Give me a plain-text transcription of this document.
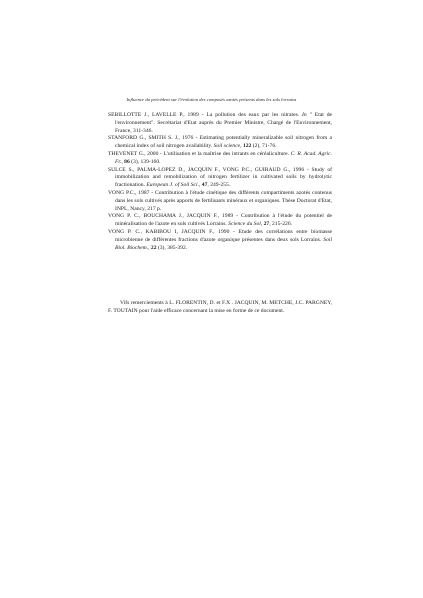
Influence du précédent sur l'évolution des composés azotés présents dans les sols lorrains

SEBILLOTTE J., LAVELLE P., 1989 - La pollution des eaux par les nitrates. In " Etat de l'environnement". Secrétariat d'Etat auprès du Premier Ministre, Chargé de l'Environnement, France, 311-346.

STANFORD G., SMITH S. J., 1976 - Estimating potentially mineralizable soil nitrogen from a chemical index of soil nitrogen availability. Soil science, 122 (2), 71-76.

THEVENET G., 2000 - L'utilisation et la maîtrise des intrants en céréaliculture. C. R. Acad. Agric. Fr., 86 (3), 139-160.

SULCE S., PALMA-LOPEZ D., JACQUIN F., VONG P.C., GUIRAUD G., 1996 - Study of immobilization and remobilization of nitrogen fertilizer in cultivated soils by hydrolytic fractionation. European J. of Soil Sci., 47, 249-255.

VONG P.C., 1987 - Contribution à l'étude cinétique des différents compartiments azotés contenus dans les sols cultivés après apports de fertilisants minéraux et organiques. Thèse Doctorat d'Etat, INPL, Nancy, 217 p.

VONG P. C., BOUCHAMA J., JACQUIN F., 1989 - Contribution à l'étude du potentiel de minéralisation de l'azote en sols cultivés Lorrains. Science du Sol, 27, 215-226.

VONG P. C., KABIBOU I, JACQUIN F., 1990 - Etude des corrélations entre biomasse microbienne de différentes fractions d'azote organique présentes dans deux sols Lorrains. Soil Biol. Biochem., 22 (3), 385-392.

Vifs remerciements à L. FLORENTIN, D. et F.X . JACQUIN, M. METCHE, J.C. PARGNEY, F. TOUTAIN pour l'aide efficace concernant la mise en forme de ce document.
